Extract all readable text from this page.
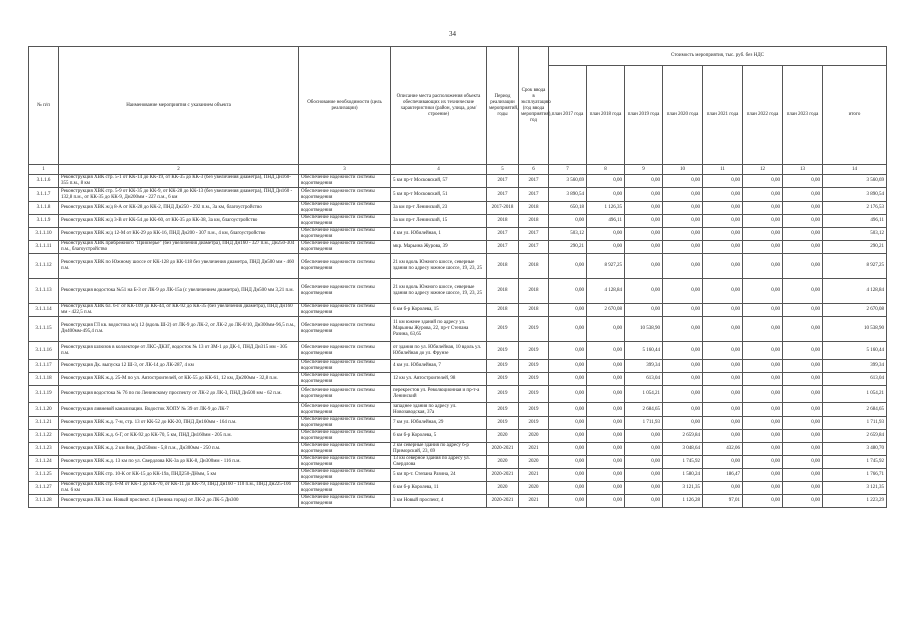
34
№ п/п	Наименование мероприятия с указанием объекта	Обоснование необходимости (цель реализации)	Описание места расположения объекта обеспечивающих их технические характеристики (район, улица, дом/строение)	Период реализации мероприятий, годы	Срок ввода в эксплуатацию (год ввода мероприятия), год	Стоимость мероприятия, тыс. руб. без НДС							
						план 2017 года	план 2018 года	план 2019 года	план 2020 года	план 2021 года	план 2022 года	план 2023 года	итого
1	2	3	4	5	6	7	8	9	10	11	12	13	14
3.1.1.6	Реконструкция ХВК стр. 5-1 от КК-14 до КК-19, от КК-35 до КК-3 (без увеличения диаметра), ПНД Дн160-355 п.м., 8 км	Обеспечение надежности системы водоотведения	5 км пр-т Московский, 57	2017	2017	3 560,69	0,00	0,00	0,00	0,00	0,00	0,00	3 560,69
3.1.1.7	Реконструкция ХВК стр. 5-9 от КК-35 до КК-9, от КК-28 до КК-13 (без увеличения диаметра), ПНД Дн160 - 132,8 п.м., от КК-35 до КК-9, Дн200мм - 227 п.м., 6 км	Обеспечение надежности системы водоотведения	5 км пр-т Московский, 51	2017	2017	3 890,54	0,00	0,00	0,00	0,00	0,00	0,00	3 890,54
3.1.1.8	Реконструкция ХВК ж/д 8-А от КК-28 до КК-2, ПНД Дн250 - 292 п.м., 3а км, благоустройство	Обеспечение надежности системы водоотведения	3а км пр-т Ленинский, 23	2017-2018	2018	650,18	1 126,35	0,00	0,00	0,00	0,00	0,00	2 176,53
3.1.1.9	Реконструкция ХВК ж/д 3-В от КК-54 до КК-60, от КК-35 до КК-38, 3а км, благоустройство	Обеспечение надежности системы водоотведения	3а км пр-т Ленинский, 15	2018	2018	0,00	496,11	0,00	0,00	0,00	0,00	0,00	496,11
3.1.1.10	Реконструкция ХВК ж/д 12-М от КК-29 до КК-16, ПНД Дн200 - 307 п.м., 4 км, благоустройство	Обеспечение надежности системы водоотведения	4 км ул. Юбилейная, 1	2017	2017	503,12	0,00	0,00	0,00	0,00	0,00	0,00	503,12
3.1.1.11	Реконструкция ХВК прибрежного "Приозерье" (без увеличения диаметра), ПНД Дн160 - 327 п.м., Дн250-304 п.м., благоустройство	Обеспечение надежности системы водоотведения	мкр. Марьина Журова, 39	2017	2017	290,21	0,00	0,00	0,00	0,00	0,00	0,00	290,21
3.1.1.12	Реконструкция ХВК по Южному шоссе от КК-128 до КК-118 без увеличения диаметра, ПНД Дн500 мм - 460 п.м.	Обеспечение надежности системы водоотведения	21 км вдоль Южного шоссе, северные здания по адресу южное шоссе, 19, 23, 25	2018	2018	0,00	8 927,25	0,00	0,00	0,00	0,00	0,00	8 927,25
3.1.1.13	Реконструкция водостока №51 на Б-3 от ЛК-9 до ЛК-15а (с увеличением диаметра), ПНД Дн500 мм 3,21 п.м.	Обеспечение надежности системы водоотведения	21 км вдоль Южного шоссе, северные здания по адресу южное шоссе, 19, 23, 25	2018	2018	0,00	4 128,84	0,00	0,00	0,00	0,00	0,00	4 128,84
3.1.1.14	Реконструкция ХВК бл. 6-Г от КК-109 до КК-44, от КК-92 до КК-35 (без увеличения диаметра), ПНД Дн160 мм - 422,5 п.м.	Обеспечение надежности системы водоотведения	6 км б-р Королева, 15	2018	2018	0,00	2 670,08	0,00	0,00	0,00	0,00	0,00	2 670,08
3.1.1.15	Реконструкция ГЛ кв. водостока м/д 12 (вдоль Ш-2) от ЛК-9 до ЛК-2, от ЛК-2 до ЛК-8/10, Дн300мм-96,5 п.м., Дн400мм-495,4 п.м.	Обеспечение надежности системы водоотведения	11 км южнее зданий по адресу ул. Марьины Журова, 22, пр-т Степана Разина, 63,65	2019	2019	0,00	0,00	10 538,90	0,00	0,00	0,00	0,00	10 538,90
3.1.1.16	Реконструкция шлюзов в коллекторе от ЛКС-ДКЗГ, водосток № 13 от ЗМ-1 до ДК-1, ПНД Дн315 мм - 305 п.м.	Обеспечение надежности системы водоотведения	от здания по ул. Юбилейная, 10 вдоль ул. Юбилейная до ул. Фрунзе	2019	2019	0,00	0,00	5 160,44	0,00	0,00	0,00	0,00	5 160,44
3.1.1.17	Реконструкция Дк. выпуска 12 Ш-3, от ЛК-14 до ЛК-287, 4 км	Обеспечение надежности системы водоотведения	4 км ул. Юбилейная, 7	2019	2019	0,00	0,00	399,34	0,00	0,00	0,00	0,00	399,34
3.1.1.18	Реконструкция ХВК ж.д. 25-М по ул. Автостроителей, от КК-55 до КК-61, 12 км, Дн200мм - 32,8 п.м.	Обеспечение надежности системы водоотведения	12 км ул. Автостроителей, 98	2019	2019	0,00	0,00	613,04	0,00	0,00	0,00	0,00	613,04
3.1.1.19	Реконструкция водостока № 76 по по Ленинскому проспекту от ЛК-2 до ЛК-3, ПНД Дн500 мм - 62 п.м.	Обеспечение надежности системы водоотведения	перекрестов ул. Революционная и пр-т-а Ленинский	2019	2019	0,00	0,00	1 054,21	0,00	0,00	0,00	0,00	1 054,21
3.1.1.20	Реконструкция ливневой канализации. Водосток ХОПУ № 39 от ЛК-9 до ЛК-7	Обеспечение надежности системы водоотведения	западнее здания по адресу ул. Новозаводская, 37а	2019	2019	0,00	0,00	2 684,65	0,00	0,00	0,00	0,00	2 684,65
3.1.1.21	Реконструкция ХВК ж.д. 7-м, стр. 13 от КК-52 до КК-20, ПНД Дн160мм - 164 п.м.	Обеспечение надежности системы водоотведения	7 км ул. Юбилейная, 29	2019	2019	0,00	0,00	1 711,93	0,00	0,00	0,00	0,00	1 711,93
3.1.1.22	Реконструкция ХВК ж.д. 6-Г, от КК-92 до КК-70, 5 км, ПНД Дн160мм - 205 п.м.	Обеспечение надежности системы водоотведения	6 км б-р Королева, 5	2020	2020	0,00	0,00	0,00	2 659,84	0,00	0,00	0,00	2 659,84
3.1.1.23	Реконструкция ХВК ж.д. 2 км 8нм, Дн250мм - 5,8 п.м., Дн300мм - 250 п.м.	Обеспечение надежности системы водоотведения	2 км северные здания по адресу б-р Приморский, 23, 69	2020-2021	2021	0,00	0,00	0,00	3 048,64	432,06	0,00	0,00	3 480,70
3.1.1.24	Реконструкция ХВК ж.д. 13 км по ул. Свердлова КК-3а до КК-8, Дн300мм - 116 п.м.	Обеспечение надежности системы водоотведения	13 км северное здания по адресу ул. Свердлова	2020	2020	0,00	0,00	0,00	1 745,92	0,00	0,00	0,00	1 745,92
3.1.1.25	Реконструкция ХВК стр. 10-К от КК-15 до КК-19а, ПНД250-ДНмм, 5 км	Обеспечение надежности системы водоотведения	5 км пр-т. Степана Разина, 24	2020-2021	2021	0,00	0,00	0,00	1 580,24	186,47	0,00	0,00	1 766,71
3.1.1.27	Реконструкция ХВК стр. 6-М от КК-1 до КК-70, от КК-11 до КК-79, ПНД Дн160 - 110 п.м., ПНД Дн225-106 п.м. 6 км	Обеспечение надежности системы водоотведения	6 км б-р Королева, 11	2020	2020	0,00	0,00	0,00	3 121,35	0,00	0,00	0,00	3 121,35
3.1.1.28	Реконструкция ЛК 3 км. Новый проспект. 4 (Ленина город) от ЛК-2 до ЛК-5 Дн300	Обеспечение надежности системы водоотведения	3 км Новый проспект, 4	2020-2021	2021	0,00	0,00	0,00	1 126,28	97,01	0,00	0,00	1 223,29
